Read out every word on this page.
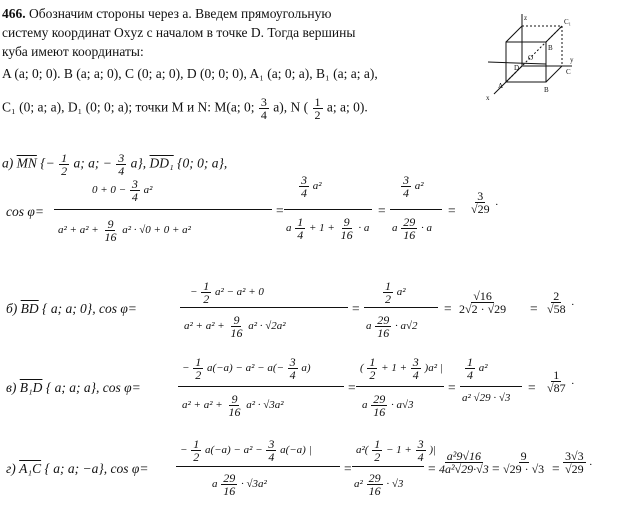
466. Обозначим стороны через а. Введем прямоугольную
систему координат Oxyz с началом в точке D. Тогда вершины
куба имеют координаты:
A (a; 0; 0). B (a; a; 0), C (0; a; 0), D (0; 0; 0), A₁ (a; 0; a), B₁ (a; a; a),
C₁ (0; a; a), D₁ (0; 0; a); точки M и N: M(a; 0; $\frac{3}{4} a$), N ( $\frac{1}{2} a$; a; 0).
C₁
B
B
C
A
D
O
x
y
z
а) $\overline{MN}$ {− $\frac{1}{2} a$; a; − $\frac{3}{4} a$}, DD₁ {0; 0; a},
cos φ=
$0 + 0 - \frac{3}{4} a^2$
$a^2 + a^2 + \frac{9}{16} a^2 \cdot √0 + 0 + a^2$
=
$\frac{3}{4} a^2$
a $\frac{1}{4} + 1 + \frac{9}{16} \cdot a$
=
$\frac{3}{4} a^2$
a $\frac{29}{16} \cdot a$
= $\frac{3}{√29}$ .
б) $\overline{BD}$ { a; a; 0}, cos φ=
− $\frac{1}{2} a^2 - a^2 + 0$
$a^2 + a^2 + \frac{9}{16} a^2 \cdot √2a^2$
=
$\frac{1}{2} a^2$
a $\frac{29}{16} \cdot a√2$
= $\frac{√16}{2√2 \cdot √29} = \frac{2}{√58}$ .
в) B₁D { a; a; a}, cos φ=
− $\frac{1}{2} a(-a) - a^2 - a(- \frac{3}{4} a)$
$a^2 + a^2 + \frac{9}{16} a^2 \cdot √3a^2$
=
( $\frac{1}{2} + 1 + \frac{3}{4} )a^2$ |
a $\frac{29}{16} \cdot a√3$
=
$\frac{1}{4} a^2$
a² √29 · √3
= $\frac{1}{√87}$ .
г) A₁C { a; a; −a}, cos φ=
− $\frac{1}{2} a(-a) - a^2 - \frac{3}{4} a(-a)$ |
a $\frac{29}{16} \cdot √3a^2$
=
$a^2( \frac{1}{2} - 1 + \frac{3}{4}$ )|
$a^2 \frac{29}{16} \cdot √3$
= $\frac{\text{a²9√16}}{\text{4a²√29·√3}} = \frac{9}{√29 \cdot √3} = \frac{3√3}{√29}$ .
